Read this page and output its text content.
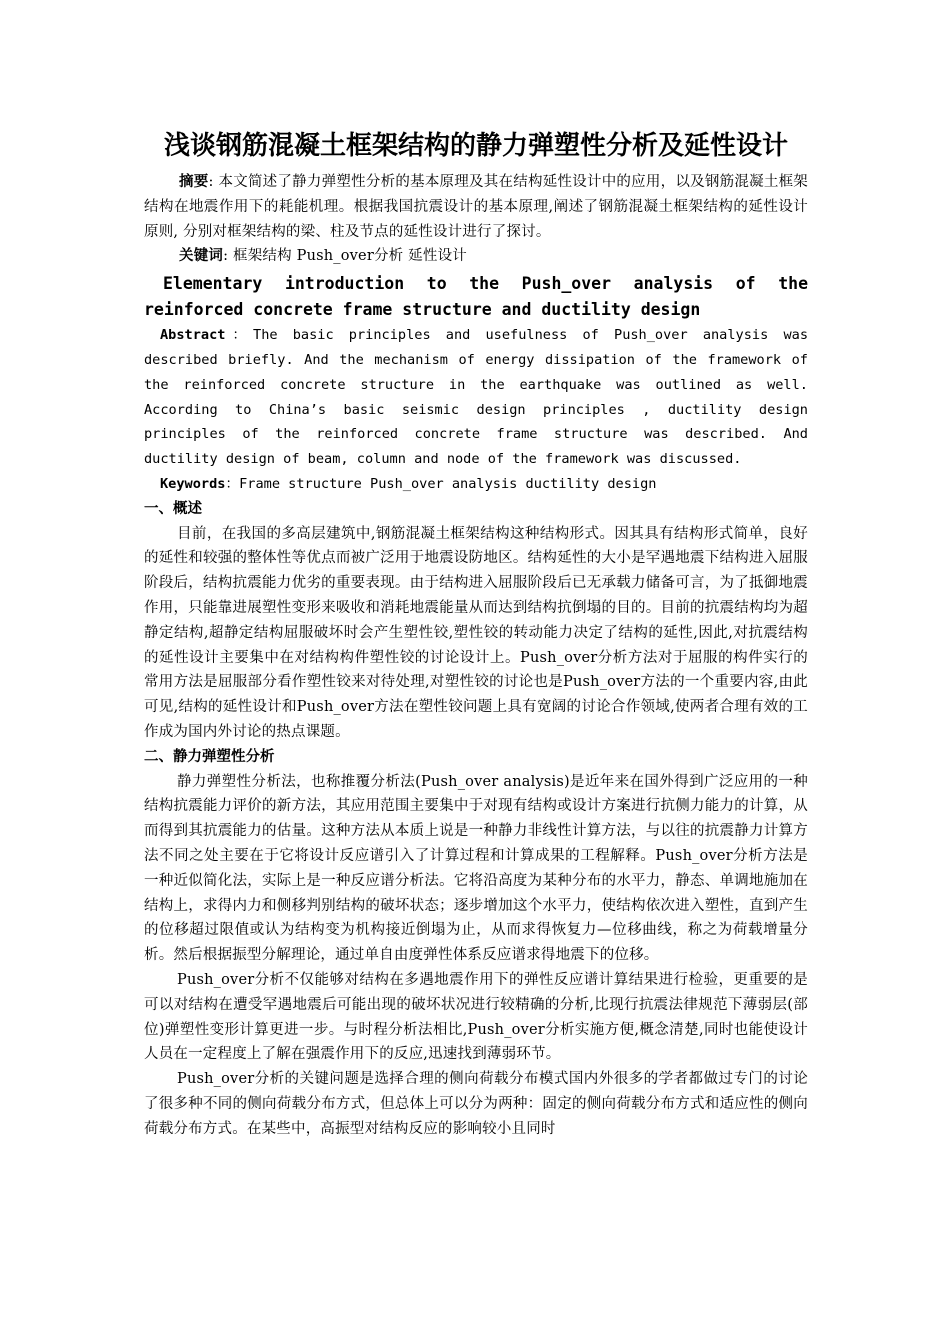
浅谈钢筋混凝土框架结构的静力弹塑性分析及延性设计

摘要: 本文简述了静力弹塑性分析的基本原理及其在结构延性设计中的应用，以及钢筋混凝土框架结构在地震作用下的耗能机理。根据我国抗震设计的基本原理,阐述了钢筋混凝土框架结构的延性设计原则, 分别对框架结构的梁、柱及节点的延性设计进行了探讨。

关键词: 框架结构 Push_over分析 延性设计

Elementary introduction to the Push_over analysis of the
reinforced concrete frame structure and ductility design

Abstract：The basic principles and usefulness of Push_over analysis was described briefly. And the mechanism of energy dissipation of the framework of the reinforced concrete structure in the earthquake was outlined as well. According to China’s basic seismic design principles , ductility design principles of the reinforced concrete frame structure was described. And ductility design of beam, column and node of the framework was discussed.

Keywords：Frame structure Push_over analysis ductility design

一、概述

目前，在我国的多高层建筑中,钢筋混凝土框架结构这种结构形式。因其具有结构形式简单，良好的延性和较强的整体性等优点而被广泛用于地震设防地区。结构延性的大小是罕遇地震下结构进入屈服阶段后，结构抗震能力优劣的重要表现。由于结构进入屈服阶段后已无承载力储备可言，为了抵御地震作用，只能靠进展塑性变形来吸收和消耗地震能量从而达到结构抗倒塌的目的。目前的抗震结构均为超静定结构,超静定结构屈服破坏时会产生塑性铰,塑性铰的转动能力决定了结构的延性,因此,对抗震结构的延性设计主要集中在对结构构件塑性铰的讨论设计上。Push_over分析方法对于屈服的构件实行的常用方法是屈服部分看作塑性铰来对待处理,对塑性铰的讨论也是Push_over方法的一个重要内容,由此可见,结构的延性设计和Push_over方法在塑性铰问题上具有宽阔的讨论合作领域,使两者合理有效的工作成为国内外讨论的热点课题。

二、静力弹塑性分析

静力弹塑性分析法，也称推覆分析法(Push_over analysis)是近年来在国外得到广泛应用的一种结构抗震能力评价的新方法，其应用范围主要集中于对现有结构或设计方案进行抗侧力能力的计算，从而得到其抗震能力的估量。这种方法从本质上说是一种静力非线性计算方法，与以往的抗震静力计算方法不同之处主要在于它将设计反应谱引入了计算过程和计算成果的工程解释。Push_over分析方法是一种近似简化法，实际上是一种反应谱分析法。它将沿高度为某种分布的水平力，静态、单调地施加在结构上，求得内力和侧移判别结构的破坏状态；逐步增加这个水平力，使结构依次进入塑性，直到产生的位移超过限值或认为结构变为机构接近倒塌为止，从而求得恢复力—位移曲线，称之为荷载增量分析。然后根据振型分解理论，通过单自由度弹性体系反应谱求得地震下的位移。

Push_over分析不仅能够对结构在多遇地震作用下的弹性反应谱计算结果进行检验，更重要的是可以对结构在遭受罕遇地震后可能出现的破坏状况进行较精确的分析,比现行抗震法律规范下薄弱层(部位)弹塑性变形计算更进一步。与时程分析法相比,Push_over分析实施方便,概念清楚,同时也能使设计人员在一定程度上了解在强震作用下的反应,迅速找到薄弱环节。

Push_over分析的关键问题是选择合理的侧向荷载分布模式国内外很多的学者都做过专门的讨论了很多种不同的侧向荷载分布方式，但总体上可以分为两种：固定的侧向荷载分布方式和适应性的侧向荷载分布方式。在某些中，高振型对结构反应的影响较小且同时
